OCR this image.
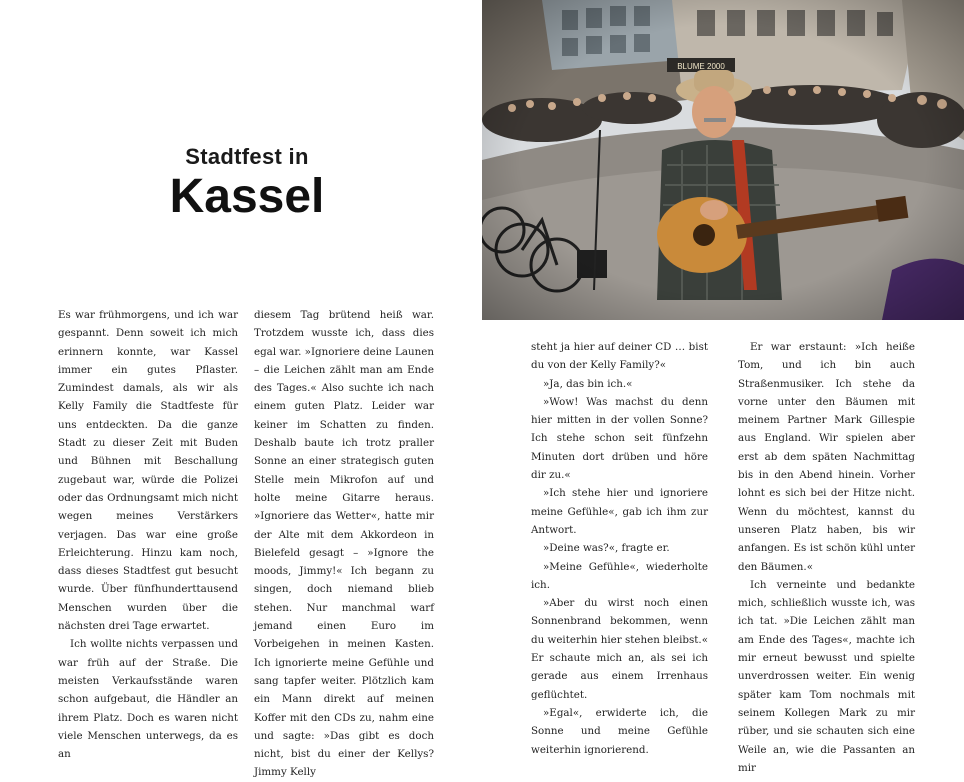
Stadtfest in
Kassel

Es war frühmorgens, und ich war gespannt. Denn soweit ich mich erinnern konnte, war Kassel immer ein gutes Pflaster. Zumindest damals, als wir als Kelly Family die Stadtfeste für uns entdeckten. Da die ganze Stadt zu dieser Zeit mit Buden und Bühnen mit Beschallung zugebaut war, würde die Polizei oder das Ordnungsamt mich nicht wegen meines Verstärkers verjagen. Das war eine große Erleichterung. Hinzu kam noch, dass dieses Stadtfest gut besucht wurde. Über fünfhunderttausend Menschen wurden über die nächsten drei Tage erwartet.

Ich wollte nichts verpassen und war früh auf der Straße. Die meisten Verkaufsstände waren schon aufgebaut, die Händler an ihrem Platz. Doch es waren nicht viele Menschen unterwegs, da es an

diesem Tag brütend heiß war. Trotzdem wusste ich, dass dies egal war. »Ignoriere deine Launen – die Leichen zählt man am Ende des Tages.« Also suchte ich nach einem guten Platz. Leider war keiner im Schatten zu finden. Deshalb baute ich trotz praller Sonne an einer strategisch guten Stelle mein Mikrofon auf und holte meine Gitarre heraus. »Ignoriere das Wetter«, hatte mir der Alte mit dem Akkordeon in Bielefeld gesagt – »Ignore the moods, Jimmy!« Ich begann zu singen, doch niemand blieb stehen. Nur manchmal warf jemand einen Euro im Vorbeigehen in meinen Kasten. Ich ignorierte meine Gefühle und sang tapfer weiter. Plötzlich kam ein Mann direkt auf meinen Koffer mit den CDs zu, nahm eine und sagte: »Das gibt es doch nicht, bist du einer der Kellys? Jimmy Kelly

steht ja hier auf deiner CD … bist du von der Kelly Family?«

»Ja, das bin ich.«

»Wow! Was machst du denn hier mitten in der vollen Sonne? Ich stehe schon seit fünfzehn Minuten dort drüben und höre dir zu.«

»Ich stehe hier und ignoriere meine Gefühle«, gab ich ihm zur Antwort.

»Deine was?«, fragte er.

»Meine Gefühle«, wiederholte ich.

»Aber du wirst noch einen Sonnenbrand bekommen, wenn du weiterhin hier stehen bleibst.« Er schaute mich an, als sei ich gerade aus einem Irrenhaus geflüchtet.

»Egal«, erwiderte ich, die Sonne und meine Gefühle weiterhin ignorierend.

Er war erstaunt: »Ich heiße Tom, und ich bin auch Straßenmusiker. Ich stehe da vorne unter den Bäumen mit meinem Partner Mark Gillespie aus England. Wir spielen aber erst ab dem späten Nachmittag bis in den Abend hinein. Vorher lohnt es sich bei der Hitze nicht. Wenn du möchtest, kannst du unseren Platz haben, bis wir anfangen. Es ist schön kühl unter den Bäumen.«

Ich verneinte und bedankte mich, schließlich wusste ich, was ich tat. »Die Leichen zählt man am Ende des Tages«, machte ich mir erneut bewusst und spielte unverdrossen weiter. Ein wenig später kam Tom nochmals mit seinem Kollegen Mark zu mir rüber, und sie schauten sich eine Weile an, wie die Passanten an mir
